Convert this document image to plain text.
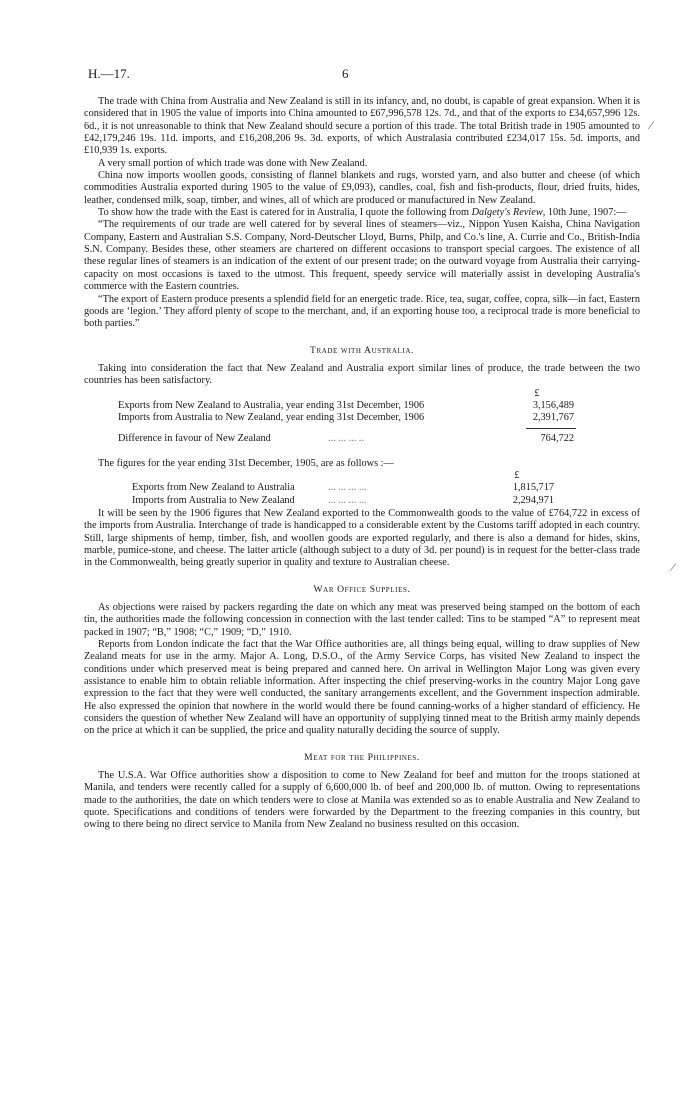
H.—17.	6
⁄
⁄

The trade with China from Australia and New Zealand is still in its infancy, and, no doubt, is capable of great expansion. When it is considered that in 1905 the value of imports into China amounted to £67,996,578 12s. 7d., and that of the exports to £34,657,996 12s. 6d., it is not unreasonable to think that New Zealand should secure a portion of this trade. The total British trade in 1905 amounted to £42,179,246 19s. 11d. imports, and £16,208,206 9s. 3d. exports, of which Australasia contributed £234,017 15s. 5d. imports, and £10,939 1s. exports.

A very small portion of which trade was done with New Zealand.

China now imports woollen goods, consisting of flannel blankets and rugs, worsted yarn, and also butter and cheese (of which commodities Australia exported during 1905 to the value of £9,093), candles, coal, fish and fish-products, flour, dried fruits, hides, leather, condensed milk, soap, timber, and wines, all of which are produced or manufactured in New Zealand.

To show how the trade with the East is catered for in Australia, I quote the following from Dalgety's Review, 10th June, 1907:—

“The requirements of our trade are well catered for by several lines of steamers—viz., Nippon Yusen Kaisha, China Navigation Company, Eastern and Australian S.S. Company, Nord-Deutscher Lloyd, Burns, Philp, and Co.'s line, A. Currie and Co., British-India S.N. Company. Besides these, other steamers are chartered on different occasions to transport special cargoes. The existence of all these regular lines of steamers is an indication of the extent of our present trade; on the outward voyage from Australia their carrying-capacity on most occasions is taxed to the utmost. This frequent, speedy service will materially assist in developing Australia's commerce with the Eastern countries.

“The export of Eastern produce presents a splendid field for an energetic trade. Rice, tea, sugar, coffee, copra, silk—in fact, Eastern goods are ‘legion.’ They afford plenty of scope to the merchant, and, if an exporting house too, a reciprocal trade is more beneficial to both parties.”

Trade with Australia.

Taking into consideration the fact that New Zealand and Australia export similar lines of produce, the trade between the two countries has been satisfactory.

£
Exports from New Zealand to Australia, year ending 31st December, 1906	3,156,489
Imports from Australia to New Zealand, year ending 31st December, 1906	2,391,767
Difference in favour of New Zealand	... ... ... ..	764,722

The figures for the year ending 31st December, 1905, are as follows :—

£
Exports from New Zealand to Australia	... ... ... ...	1,815,717
Imports from Australia to New Zealand	... ... ... ...	2,294,971

It will be seen by the 1906 figures that New Zealand exported to the Commonwealth goods to the value of £764,722 in excess of the imports from Australia. Interchange of trade is handicapped to a considerable extent by the Customs tariff adopted in each country. Still, large shipments of hemp, timber, fish, and woollen goods are exported regularly, and there is also a demand for hides, skins, marble, pumice-stone, and cheese. The latter article (although subject to a duty of 3d. per pound) is in request for the better-class trade in the Commonwealth, being greatly superior in quality and texture to Australian cheese.

War Office Supplies.

As objections were raised by packers regarding the date on which any meat was preserved being stamped on the bottom of each tin, the authorities made the following concession in connection with the last tender called: Tins to be stamped “A” to represent meat packed in 1907; “B,” 1908; “C,” 1909; “D,” 1910.

Reports from London indicate the fact that the War Office authorities are, all things being equal, willing to draw supplies of New Zealand meats for use in the army. Major A. Long, D.S.O., of the Army Service Corps, has visited New Zealand to inspect the conditions under which preserved meat is being prepared and canned here. On arrival in Wellington Major Long was given every assistance to enable him to obtain reliable information. After inspecting the chief preserving-works in the country Major Long gave expression to the fact that they were well conducted, the sanitary arrangements excellent, and the Government inspection admirable. He also expressed the opinion that nowhere in the world would there be found canning-works of a higher standard of efficiency. He considers the question of whether New Zealand will have an opportunity of supplying tinned meat to the British army mainly depends on the price at which it can be supplied, the price and quality naturally deciding the source of supply.

Meat for the Philippines.

The U.S.A. War Office authorities show a disposition to come to New Zealand for beef and mutton for the troops stationed at Manila, and tenders were recently called for a supply of 6,600,000 lb. of beef and 200,000 lb. of mutton. Owing to representations made to the authorities, the date on which tenders were to close at Manila was extended so as to enable Australia and New Zealand to quote. Specifications and conditions of tenders were forwarded by the Department to the freezing companies in this country, but owing to there being no direct service to Manila from New Zealand no business resulted on this occasion.
